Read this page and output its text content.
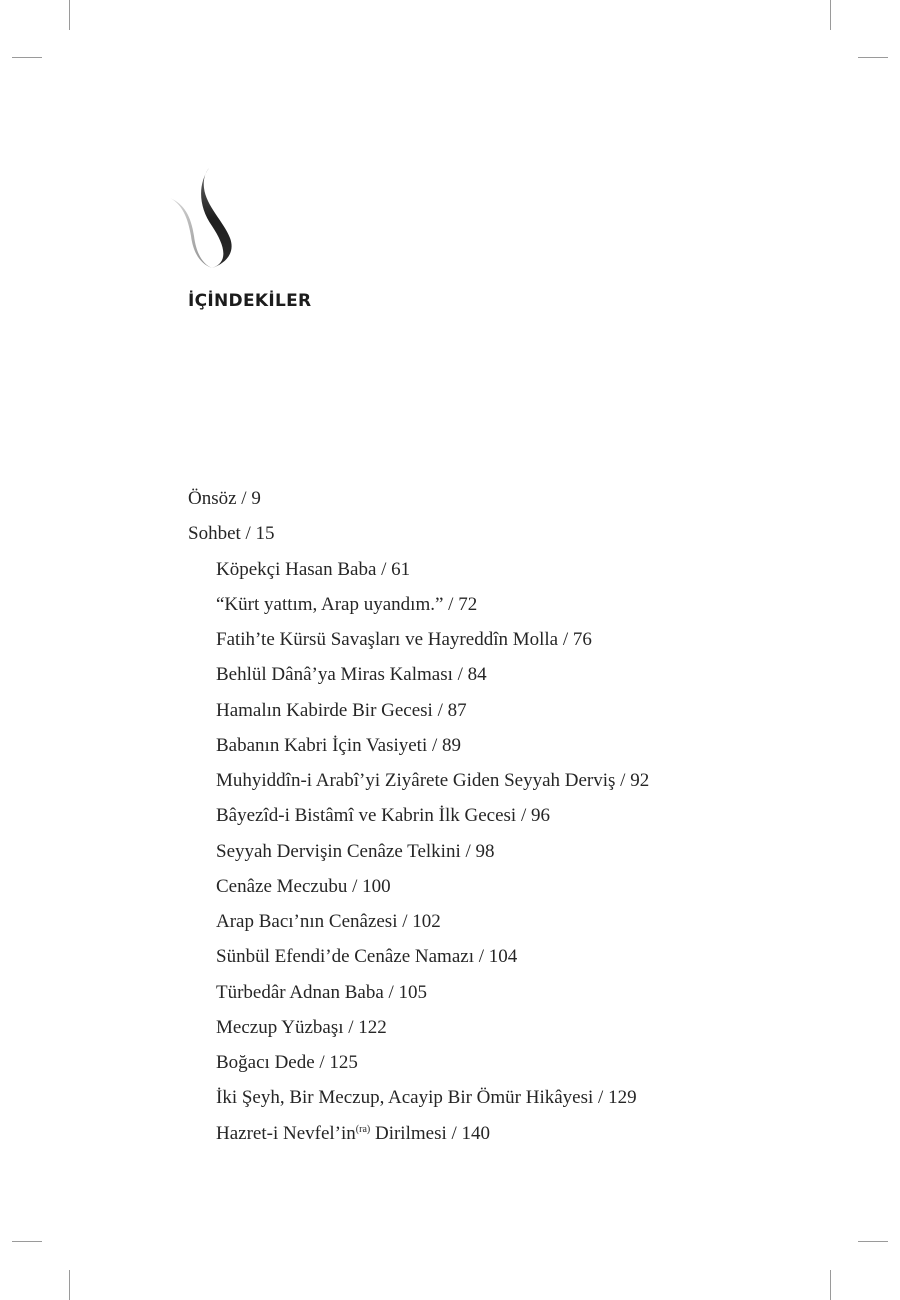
İÇİNDEKİLER
Önsöz / 9
Sohbet / 15
Köpekçi Hasan Baba / 61
“Kürt yattım, Arap uyandım.” / 72
Fatih’te Kürsü Savaşları ve Hayreddîn Molla / 76
Behlül Dânâ’ya Miras Kalması / 84
Hamalın Kabirde Bir Gecesi / 87
Babanın Kabri İçin Vasiyeti / 89
Muhyiddîn-i Arabî’yi Ziyârete Giden Seyyah Derviş / 92
Bâyezîd-i Bistâmî ve Kabrin İlk Gecesi / 96
Seyyah Dervişin Cenâze Telkini / 98
Cenâze Meczubu / 100
Arap Bacı’nın Cenâzesi / 102
Sünbül Efendi’de Cenâze Namazı / 104
Türbedâr Adnan Baba / 105
Meczup Yüzbaşı / 122
Boğacı Dede / 125
İki Şeyh, Bir Meczup, Acayip Bir Ömür Hikâyesi / 129
Hazret-i $Nevfel’in^{(ra)}$ Dirilmesi / 140
